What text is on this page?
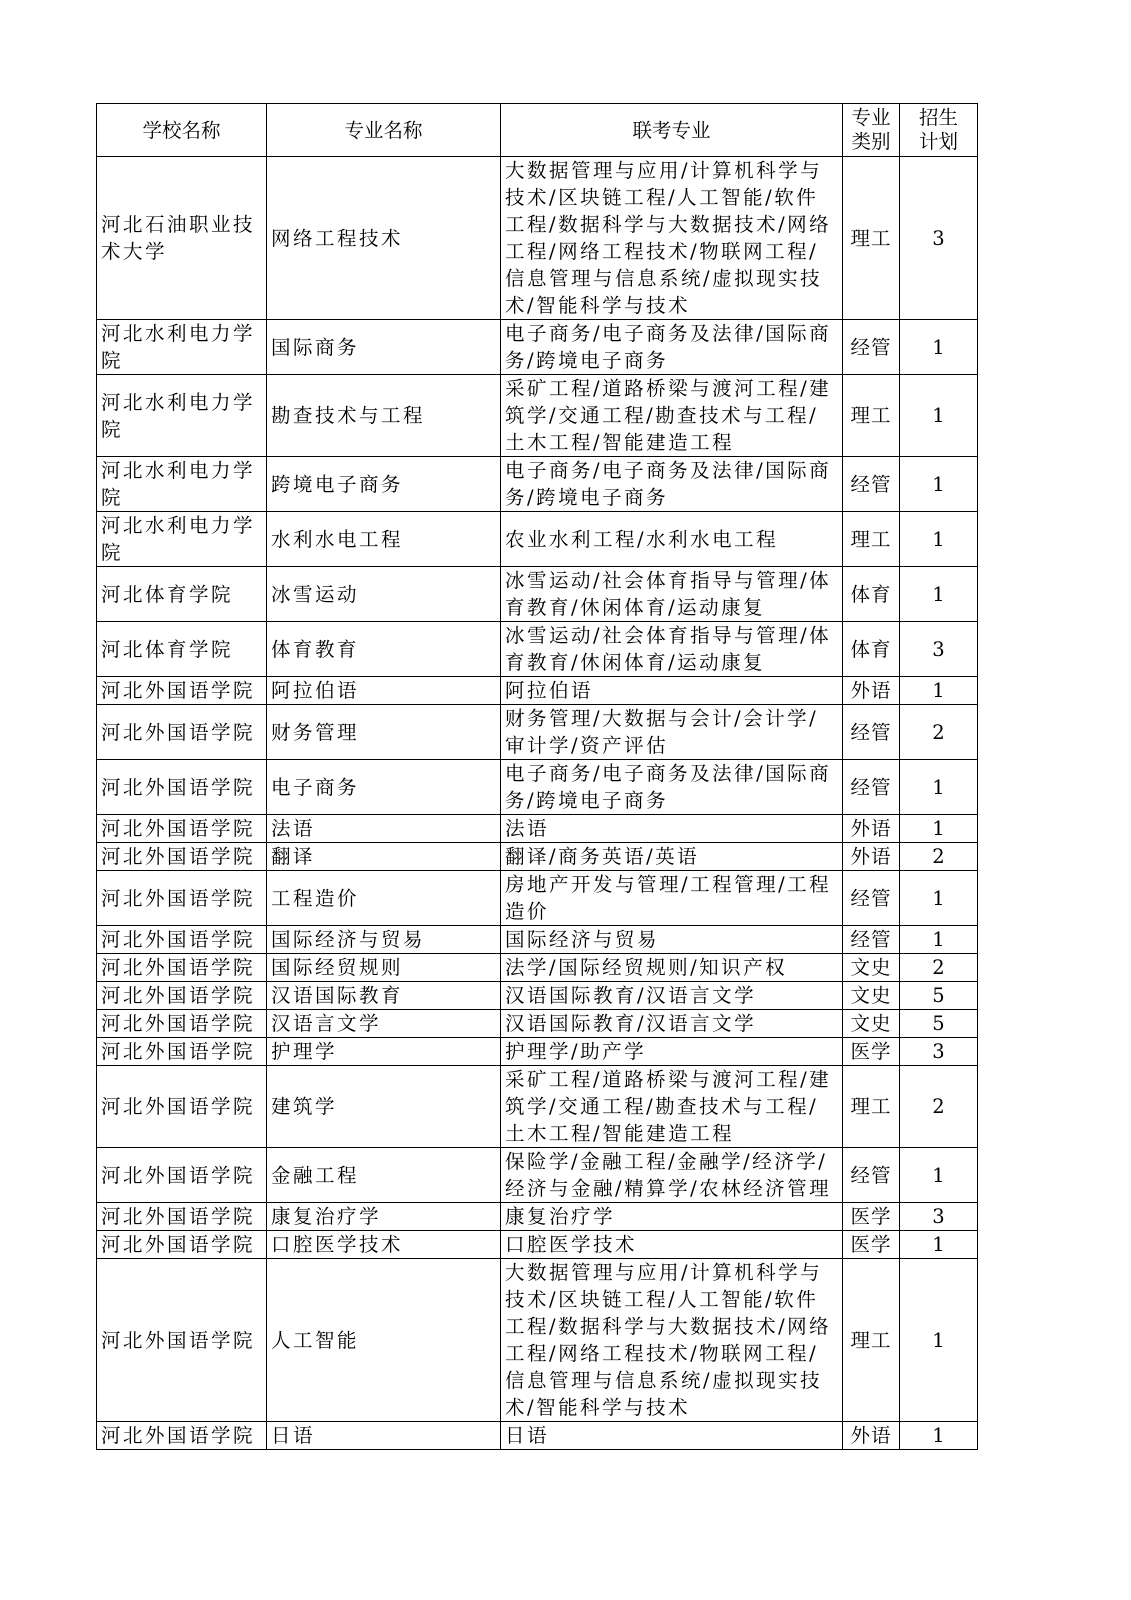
学校名称	专业名称	联考专业	专业类别	招生计划
河北石油职业技术大学	网络工程技术	大数据管理与应用/计算机科学与技术/区块链工程/人工智能/软件工程/数据科学与大数据技术/网络工程/网络工程技术/物联网工程/信息管理与信息系统/虚拟现实技术/智能科学与技术	理工	3
河北水利电力学院	国际商务	电子商务/电子商务及法律/国际商务/跨境电子商务	经管	1
河北水利电力学院	勘查技术与工程	采矿工程/道路桥梁与渡河工程/建筑学/交通工程/勘查技术与工程/土木工程/智能建造工程	理工	1
河北水利电力学院	跨境电子商务	电子商务/电子商务及法律/国际商务/跨境电子商务	经管	1
河北水利电力学院	水利水电工程	农业水利工程/水利水电工程	理工	1
河北体育学院	冰雪运动	冰雪运动/社会体育指导与管理/体育教育/休闲体育/运动康复	体育	1
河北体育学院	体育教育	冰雪运动/社会体育指导与管理/体育教育/休闲体育/运动康复	体育	3
河北外国语学院	阿拉伯语	阿拉伯语	外语	1
河北外国语学院	财务管理	财务管理/大数据与会计/会计学/审计学/资产评估	经管	2
河北外国语学院	电子商务	电子商务/电子商务及法律/国际商务/跨境电子商务	经管	1
河北外国语学院	法语	法语	外语	1
河北外国语学院	翻译	翻译/商务英语/英语	外语	2
河北外国语学院	工程造价	房地产开发与管理/工程管理/工程造价	经管	1
河北外国语学院	国际经济与贸易	国际经济与贸易	经管	1
河北外国语学院	国际经贸规则	法学/国际经贸规则/知识产权	文史	2
河北外国语学院	汉语国际教育	汉语国际教育/汉语言文学	文史	5
河北外国语学院	汉语言文学	汉语国际教育/汉语言文学	文史	5
河北外国语学院	护理学	护理学/助产学	医学	3
河北外国语学院	建筑学	采矿工程/道路桥梁与渡河工程/建筑学/交通工程/勘查技术与工程/土木工程/智能建造工程	理工	2
河北外国语学院	金融工程	保险学/金融工程/金融学/经济学/经济与金融/精算学/农林经济管理	经管	1
河北外国语学院	康复治疗学	康复治疗学	医学	3
河北外国语学院	口腔医学技术	口腔医学技术	医学	1
河北外国语学院	人工智能	大数据管理与应用/计算机科学与技术/区块链工程/人工智能/软件工程/数据科学与大数据技术/网络工程/网络工程技术/物联网工程/信息管理与信息系统/虚拟现实技术/智能科学与技术	理工	1
河北外国语学院	日语	日语	外语	1
